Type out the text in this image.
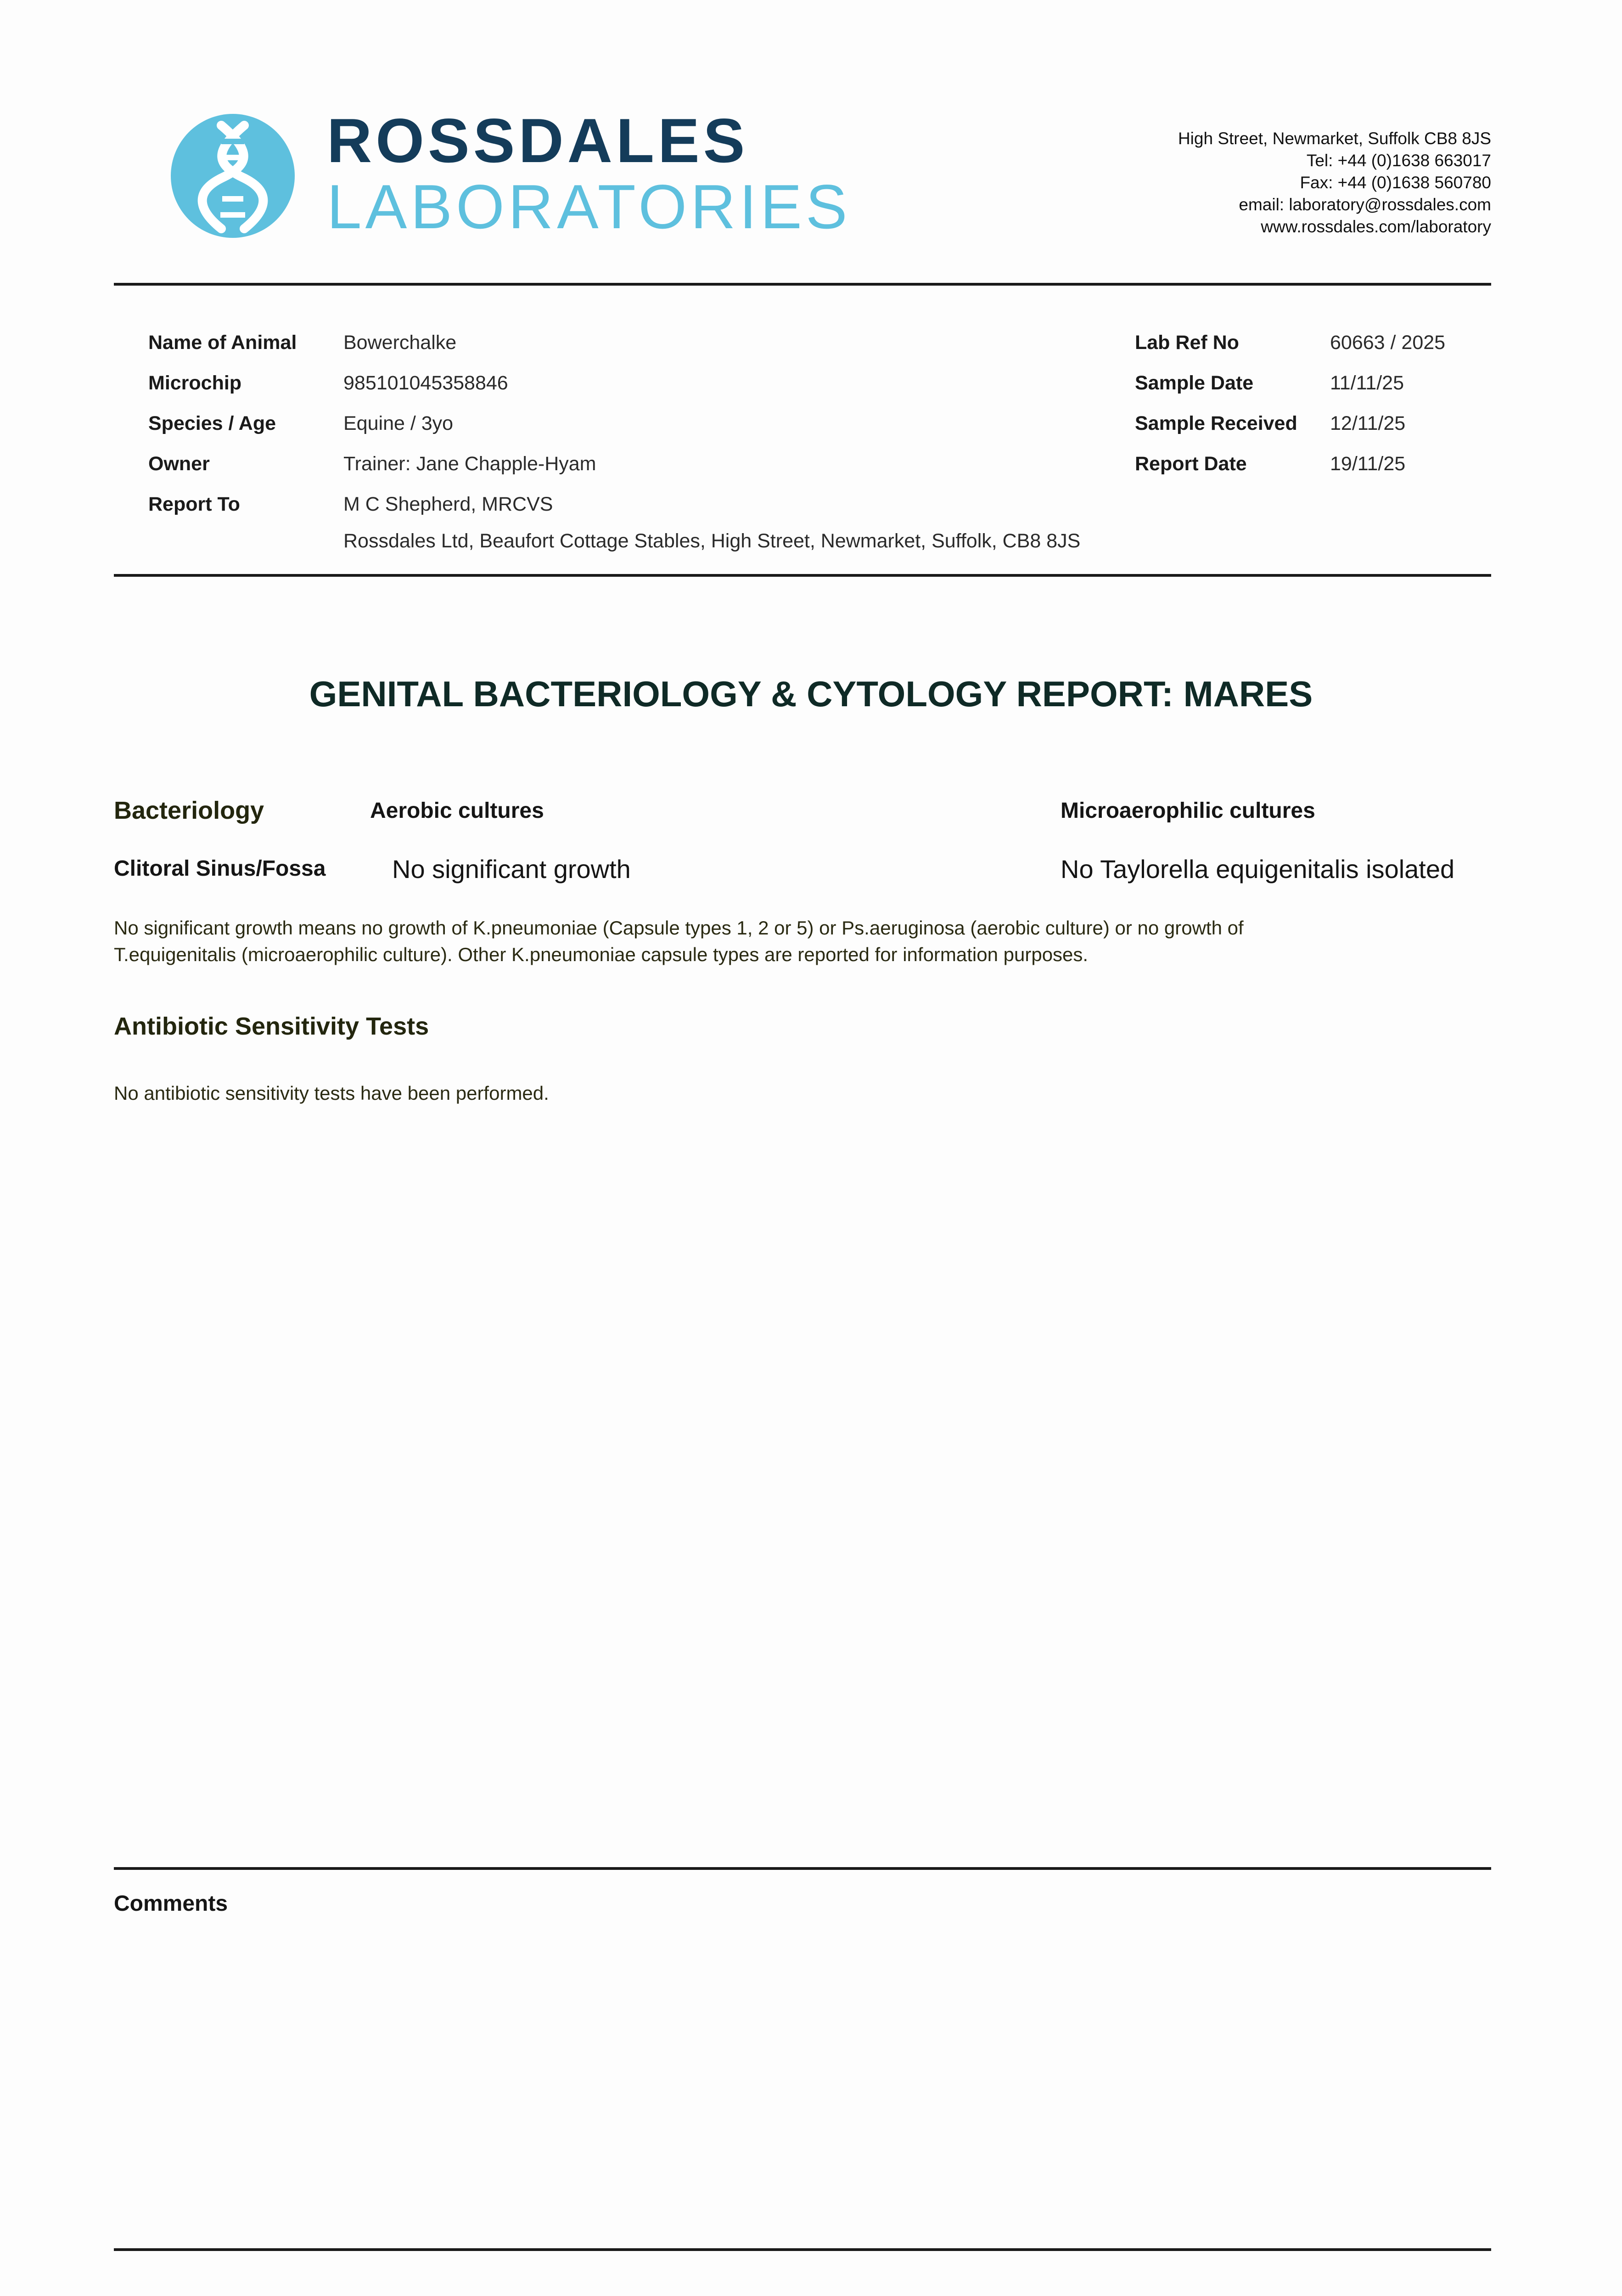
ROSSDALES
LABORATORIES
High Street, Newmarket, Suffolk CB8 8JS
Tel: +44 (0)1638 663017
Fax: +44 (0)1638 560780
email: laboratory@rossdales.com
www.rossdales.com/laboratory
Name of Animal Bowerchalke
Microchip	985101045358846
Species / Age	Equine / 3yo
Owner	Trainer: Jane Chapple-Hyam
Report To	M C Shepherd, MRCVS
Rossdales Ltd, Beaufort Cottage Stables, High Street, Newmarket, Suffolk, CB8 8JS
Lab Ref No	60663 / 2025
Sample Date	11/11/25
Sample Received 12/11/25
Report Date	19/11/25
GENITAL BACTERIOLOGY & CYTOLOGY REPORT: MARES
Bacteriology	Aerobic cultures	Microaerophilic cultures
Clitoral Sinus/Fossa	No significant growth	No Taylorella equigenitalis isolated
No significant growth means no growth of K.pneumoniae (Capsule types 1, 2 or 5) or Ps.aeruginosa (aerobic culture) or no growth of
T.equigenitalis (microaerophilic culture). Other K.pneumoniae capsule types are reported for information purposes.
Antibiotic Sensitivity Tests
No antibiotic sensitivity tests have been performed.
Comments
